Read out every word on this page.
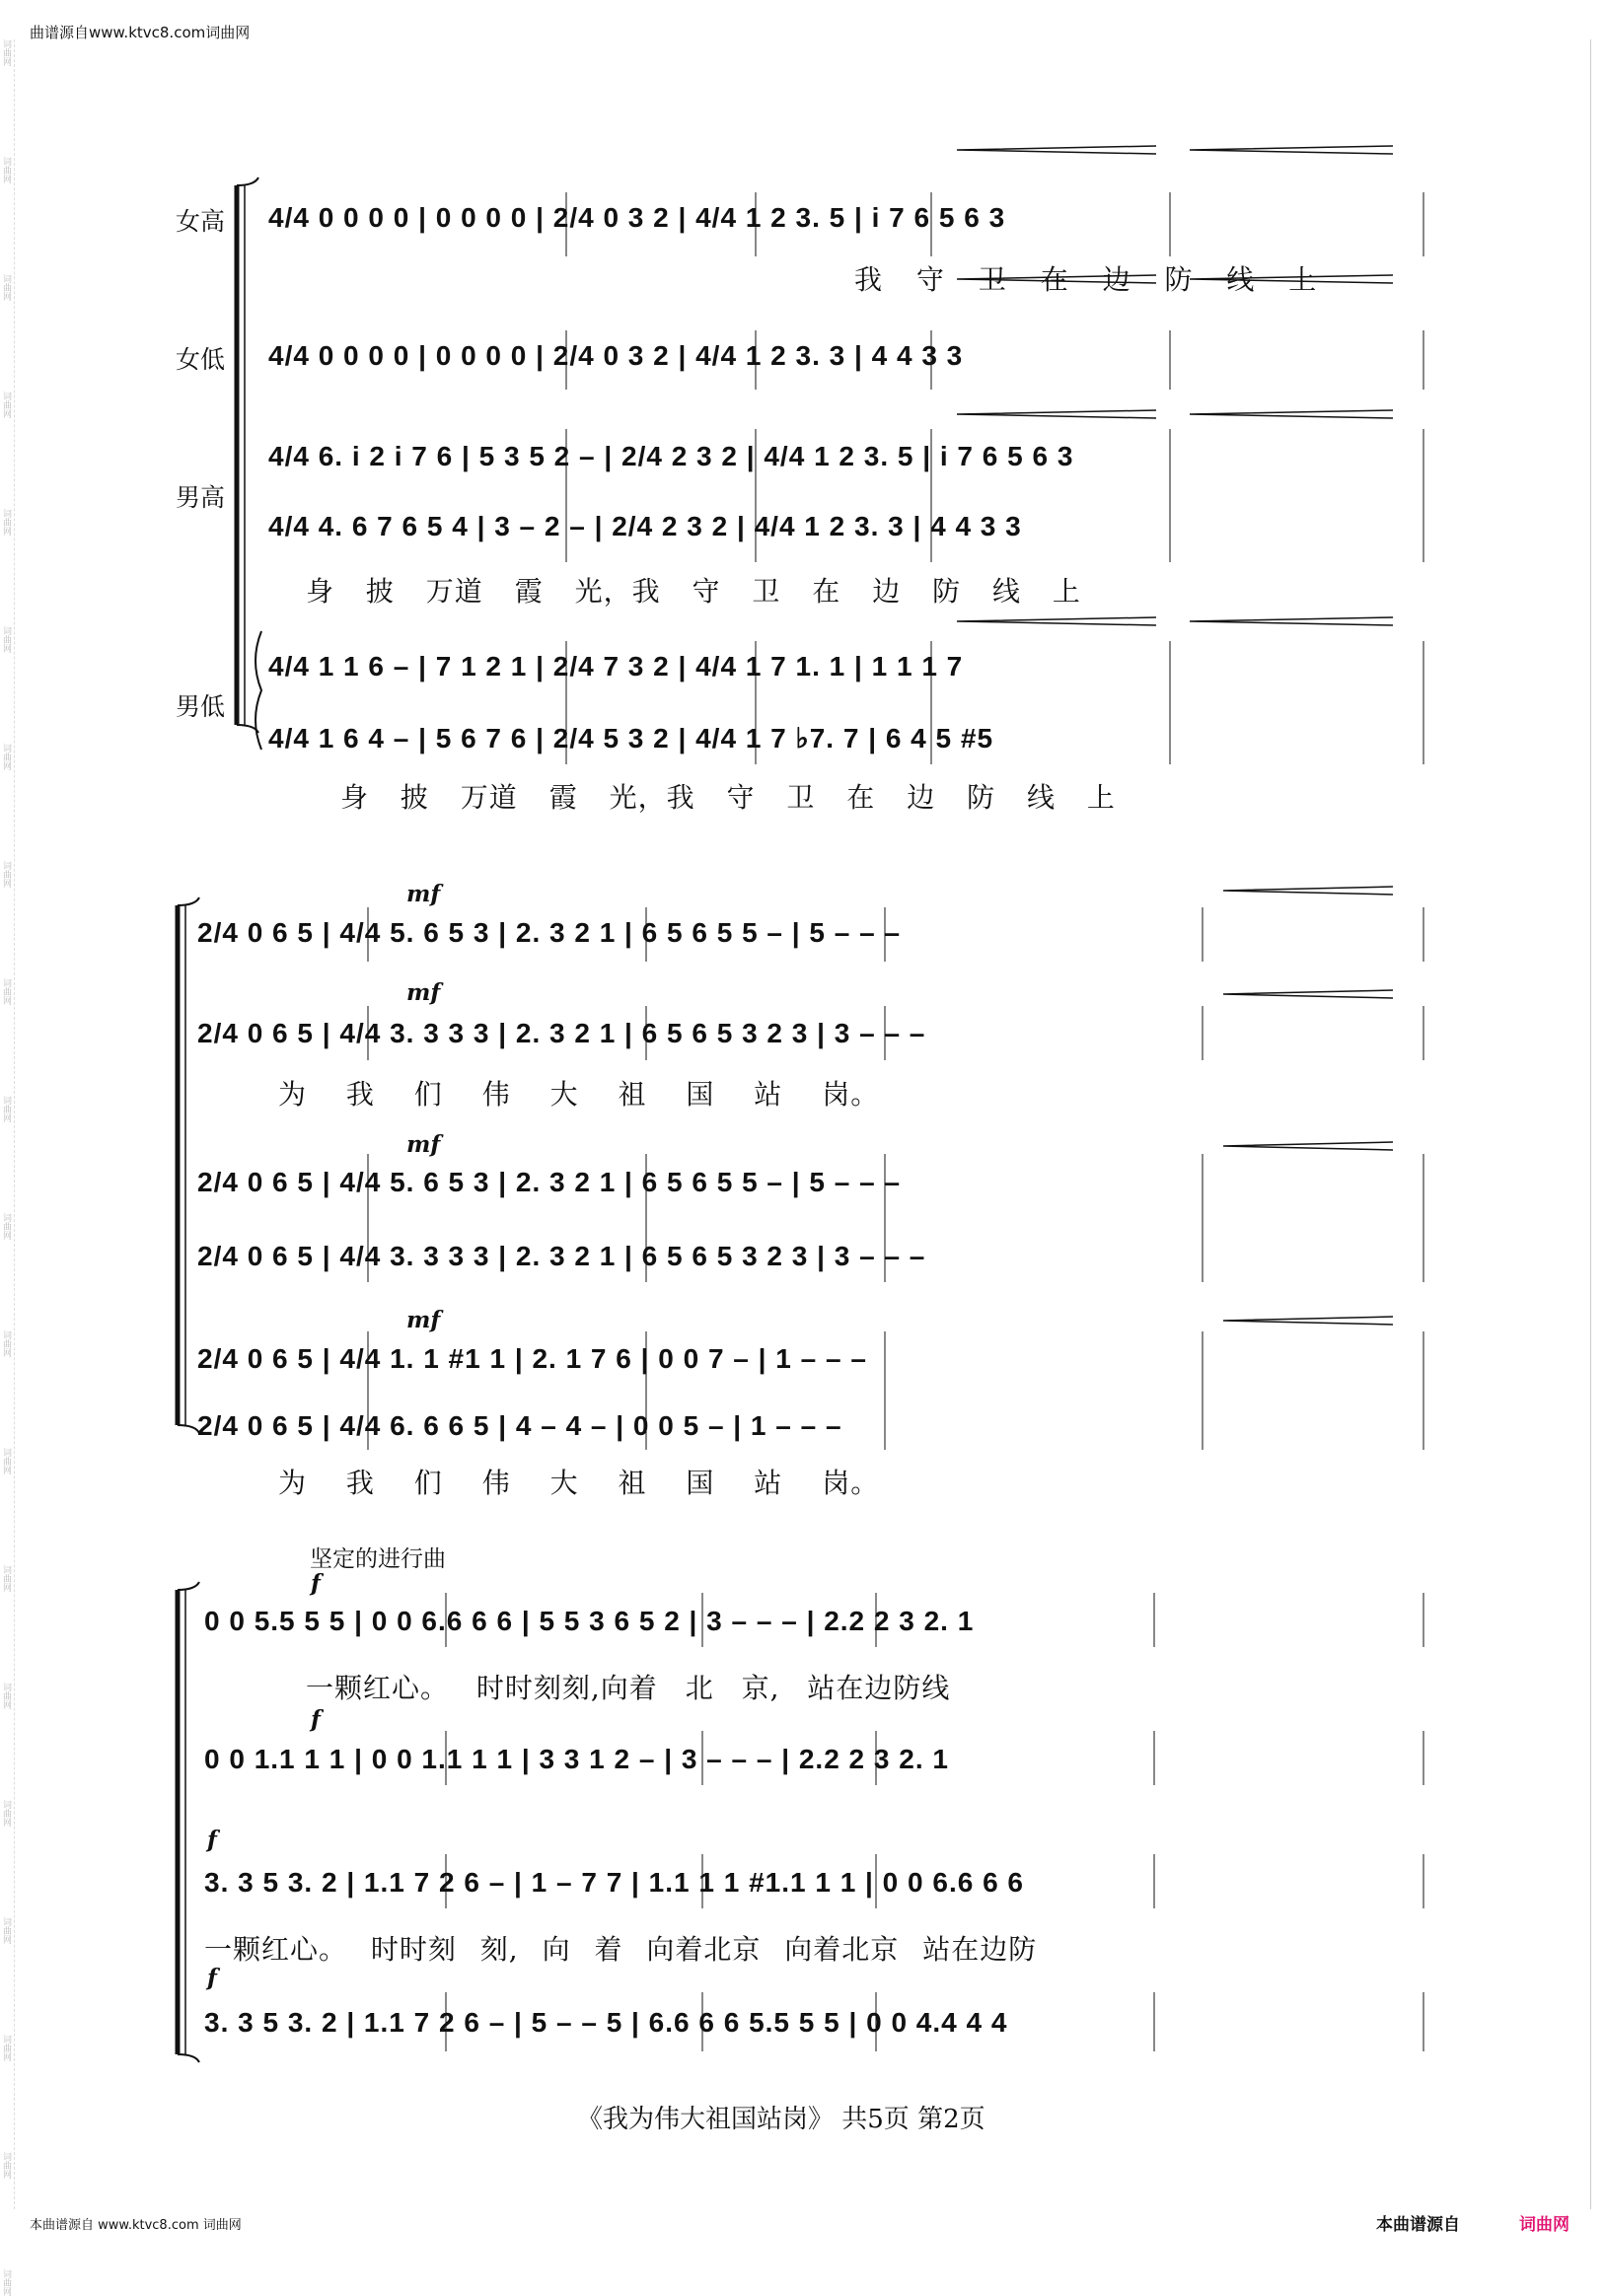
词曲网
词曲网
词曲网
词曲网
词曲网
词曲网
词曲网
词曲网
词曲网
词曲网
词曲网
词曲网
词曲网
词曲网
词曲网
词曲网
词曲网
词曲网
词曲网
词曲网
曲谱源自www.ktvc8.com词曲网
女高
女低
男高
男低
4/4 0 0 0 0 | 0 0 0 0 | 2/4 0 3 2 | 4/4 1 2 3. 5 | i 7 6 5 6 3
我 守 卫 在 边 防 线 上
4/4 0 0 0 0 | 0 0 0 0 | 2/4 0 3 2 | 4/4 1 2 3. 3 | 4 4 3 3
4/4 6. i 2 i 7 6 | 5 3 5 2 – | 2/4 2 3 2 | 4/4 1 2 3. 5 | i 7 6 5 6 3
4/4 4. 6 7 6 5 4 | 3 – 2 – | 2/4 2 3 2 | 4/4 1 2 3. 3 | 4 4 3 3
身 披 万道 霞 光，我 守 卫 在 边 防 线 上
4/4 1 1 6 – | 7 1 2 1 | 2/4 7 3 2 | 4/4 1 7 1. 1 | 1 1 1 7
4/4 1 6 4 – | 5 6 7 6 | 2/4 5 3 2 | 4/4 1 7 ♭7. 7 | 6 4 5 #5
身 披 万道 霞 光，我 守 卫 在 边 防 线 上
mf
2/4 0 6 5 | 4/4 5. 6 5 3 | 2. 3 2 1 | 6 5 6 5 5 – | 5 – – –
mf
2/4 0 6 5 | 4/4 3. 3 3 3 | 2. 3 2 1 | 6 5 6 5 3 2 3 | 3 – – –
为 我 们 伟 大 祖 国 站 岗。
mf
2/4 0 6 5 | 4/4 5. 6 5 3 | 2. 3 2 1 | 6 5 6 5 5 – | 5 – – –
2/4 0 6 5 | 4/4 3. 3 3 3 | 2. 3 2 1 | 6 5 6 5 3 2 3 | 3 – – –
mf
2/4 0 6 5 | 4/4 1. 1 #1 1 | 2. 1 7 6 | 0 0 7 – | 1 – – –
2/4 0 6 5 | 4/4 6. 6 6 5 | 4 – 4 – | 0 0 5 – | 1 – – –
为 我 们 伟 大 祖 国 站 岗。
坚定的进行曲
f
0 0 5.5 5 5 | 0 0 6.6 6 6 | 5 5 3 6 5 2 | 3 – – – | 2.2 2 3 2. 1
一颗红心。 时时刻刻,向着 北 京, 站在边防线
f
0 0 1.1 1 1 | 0 0 1.1 1 1 | 3 3 1 2 – | 3 – – – | 2.2 2 3 2. 1
f
3. 3 5 3. 2 | 1.1 7 2 6 – | 1 – 7 7 | 1.1 1 1 #1.1 1 1 | 0 0 6.6 6 6
一颗红心。 时时刻 刻, 向 着 向着北京 向着北京 站在边防
f
3. 3 5 3. 2 | 1.1 7 2 6 – | 5 – – 5 | 6.6 6 6 5.5 5 5 | 0 0 4.4 4 4
《我为伟大祖国站岗》 共5页 第2页
本曲谱源自 www.ktvc8.com 词曲网	本曲谱源自	词曲网
